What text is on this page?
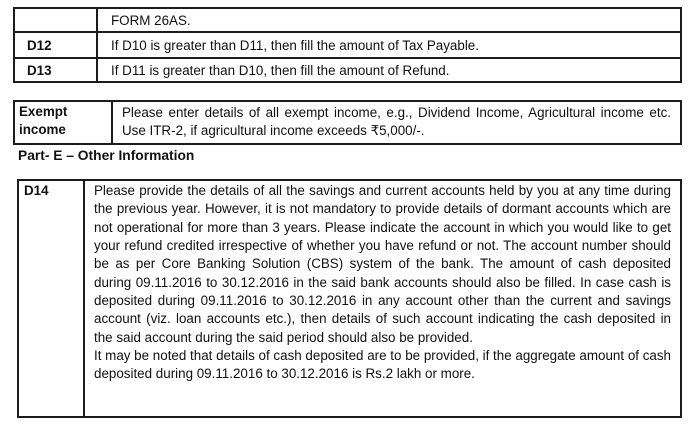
	FORM 26AS.
D12	If D10 is greater than D11, then fill the amount of Tax Payable.
D13	If D11 is greater than D10, then fill the amount of Refund.
Exempt income	Please enter details of all exempt income, e.g., Dividend Income, Agricultural income etc. Use ITR-2, if agricultural income exceeds ₹5,000/-.
Part- E – Other Information
D14	Please provide the details of all the savings and current accounts held by you at any time during the previous year. However, it is not mandatory to provide details of dormant accounts which are not operational for more than 3 years. Please indicate the account in which you would like to get your refund credited irrespective of whether you have refund or not. The account number should be as per Core Banking Solution (CBS) system of the bank. The amount of cash deposited during 09.11.2016 to 30.12.2016 in the said bank accounts should also be filled. In case cash is deposited during 09.11.2016 to 30.12.2016 in any account other than the current and savings account (viz. loan accounts etc.), then details of such account indicating the cash deposited in the said account during the said period should also be provided.

It may be noted that details of cash deposited are to be provided, if the aggregate amount of cash deposited during 09.11.2016 to 30.12.2016 is Rs.2 lakh or more.
